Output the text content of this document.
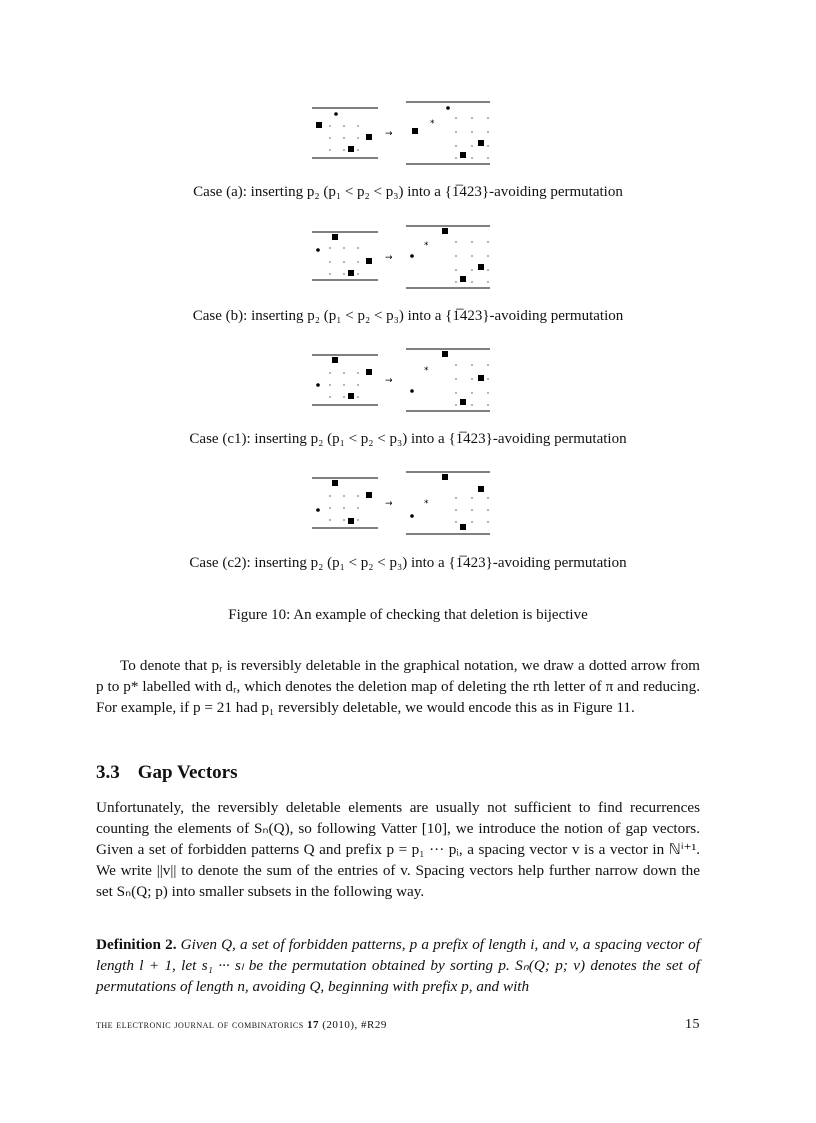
→
*
Case (a): inserting p₂ (p₁ < p₂ < p₃) into a {1̅423}-avoiding permutation
→
*
Case (b): inserting p₂ (p₁ < p₂ < p₃) into a {1̅423}-avoiding permutation
→
*
Case (c1): inserting p₂ (p₁ < p₂ < p₃) into a {1̅423}-avoiding permutation
→	*
Case (c2): inserting p₂ (p₁ < p₂ < p₃) into a {1̅423}-avoiding permutation
Figure 10: An example of checking that deletion is bijective
To denote that pᵣ is reversibly deletable in the graphical notation, we draw a dotted arrow from p to p* labelled with dᵣ, which denotes the deletion map of deleting the rth letter of π and reducing. For example, if p = 21 had p₁ reversibly deletable, we would encode this as in Figure 11.
3.3 Gap Vectors
Unfortunately, the reversibly deletable elements are usually not sufficient to find recurrences counting the elements of Sₙ(Q), so following Vatter [10], we introduce the notion of gap vectors. Given a set of forbidden patterns Q and prefix p = p₁ ··· pᵢ, a spacing vector v is a vector in ℕⁱ⁺¹. We write ||v|| to denote the sum of the entries of v. Spacing vectors help further narrow down the set Sₙ(Q; p) into smaller subsets in the following way.
Definition 2. Given Q, a set of forbidden patterns, p a prefix of length i, and v, a spacing vector of length l + 1, let s₁ ··· sₗ be the permutation obtained by sorting p. Sₙ(Q; p; v) denotes the set of permutations of length n, avoiding Q, beginning with prefix p, and with
the electronic journal of combinatorics 17 (2010), #R29	15
